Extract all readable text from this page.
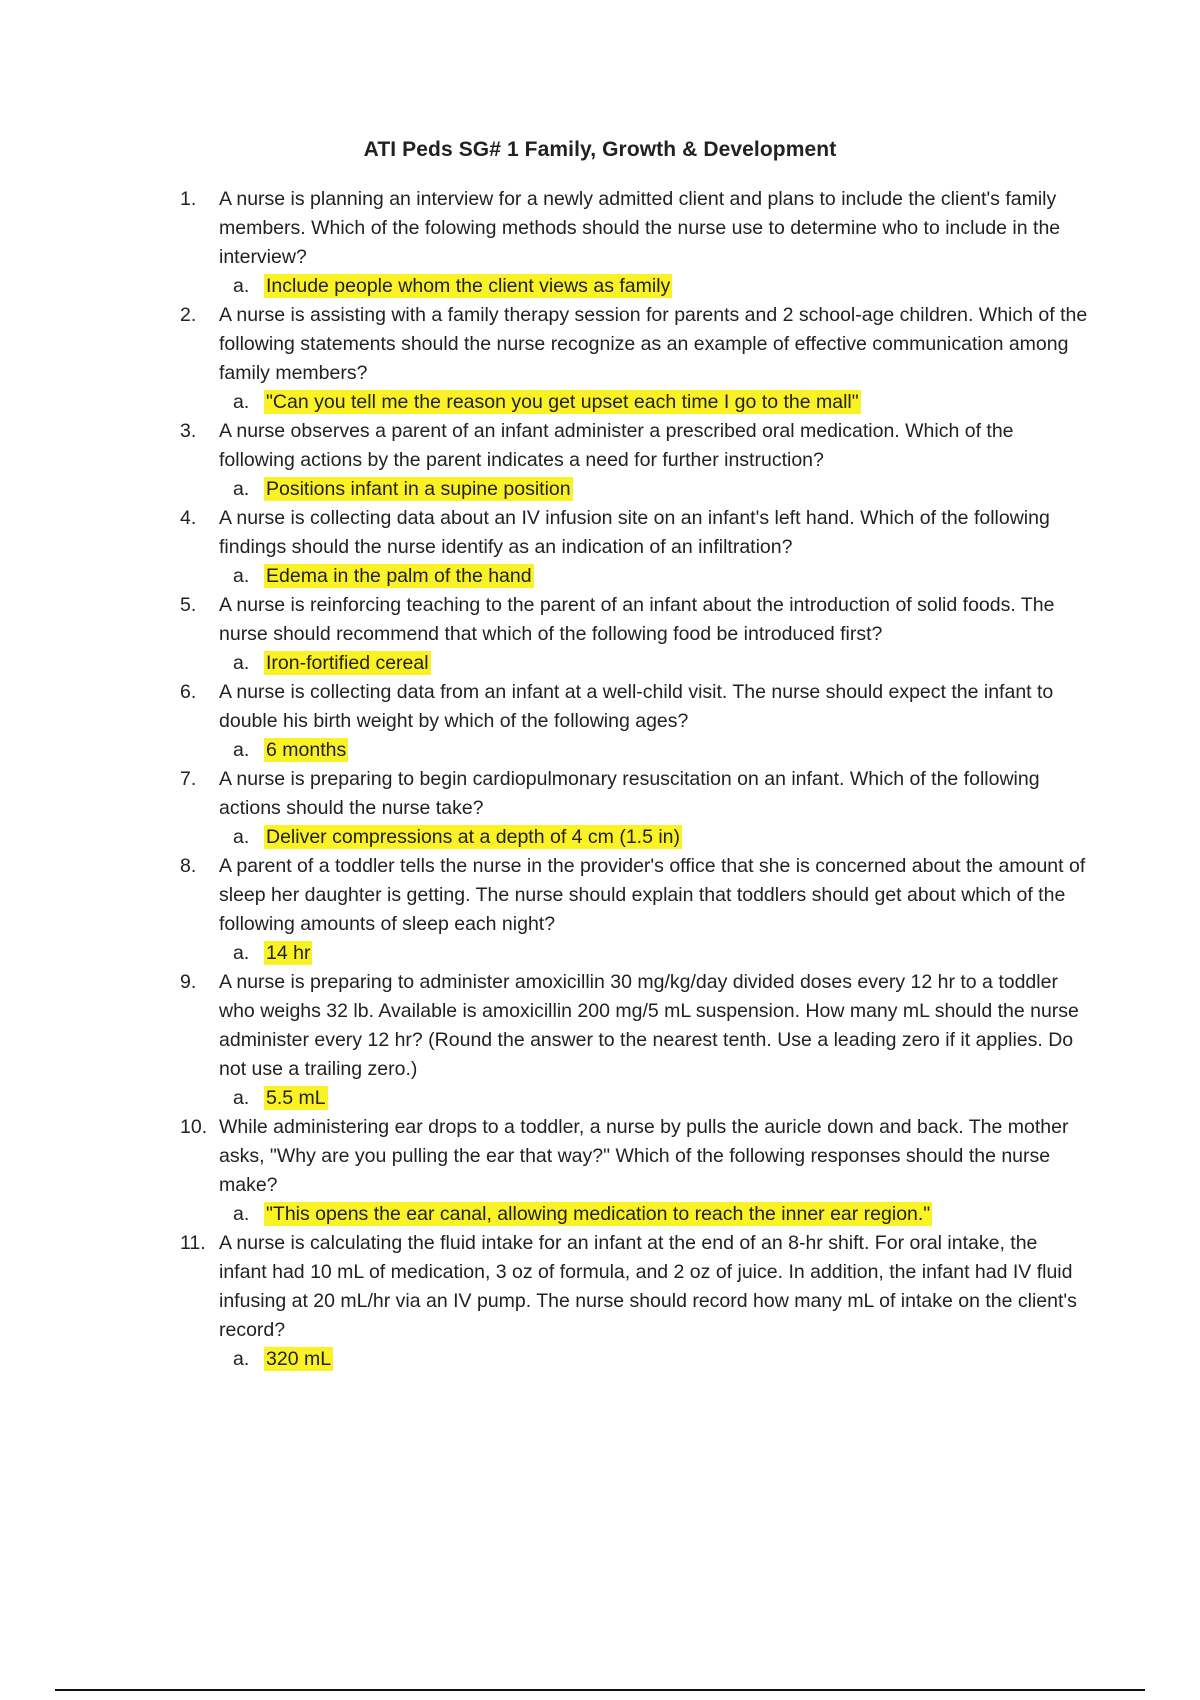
ATI Peds SG# 1 Family, Growth & Development
1. A nurse is planning an interview for a newly admitted client and plans to include the client's family members. Which of the folowing methods should the nurse use to determine who to include in the interview?
a. Include people whom the client views as family
2. A nurse is assisting with a family therapy session for parents and 2 school-age children. Which of the following statements should the nurse recognize as an example of effective communication among family members?
a. "Can you tell me the reason you get upset each time I go to the mall"
3. A nurse observes a parent of an infant administer a prescribed oral medication. Which of the following actions by the parent indicates a need for further instruction?
a. Positions infant in a supine position
4. A nurse is collecting data about an IV infusion site on an infant's left hand. Which of the following findings should the nurse identify as an indication of an infiltration?
a. Edema in the palm of the hand
5. A nurse is reinforcing teaching to the parent of an infant about the introduction of solid foods. The nurse should recommend that which of the following food be introduced first?
a. Iron-fortified cereal
6. A nurse is collecting data from an infant at a well-child visit. The nurse should expect the infant to double his birth weight by which of the following ages?
a. 6 months
7. A nurse is preparing to begin cardiopulmonary resuscitation on an infant. Which of the following actions should the nurse take?
a. Deliver compressions at a depth of 4 cm (1.5 in)
8. A parent of a toddler tells the nurse in the provider's office that she is concerned about the amount of sleep her daughter is getting. The nurse should explain that toddlers should get about which of the following amounts of sleep each night?
a. 14 hr
9. A nurse is preparing to administer amoxicillin 30 mg/kg/day divided doses every 12 hr to a toddler who weighs 32 lb. Available is amoxicillin 200 mg/5 mL suspension. How many mL should the nurse administer every 12 hr? (Round the answer to the nearest tenth. Use a leading zero if it applies. Do not use a trailing zero.)
a. 5.5 mL
10. While administering ear drops to a toddler, a nurse by pulls the auricle down and back. The mother asks, "Why are you pulling the ear that way?" Which of the following responses should the nurse make?
a. "This opens the ear canal, allowing medication to reach the inner ear region."
11. A nurse is calculating the fluid intake for an infant at the end of an 8-hr shift. For oral intake, the infant had 10 mL of medication, 3 oz of formula, and 2 oz of juice. In addition, the infant had IV fluid infusing at 20 mL/hr via an IV pump. The nurse should record how many mL of intake on the client's record?
a. 320 mL
